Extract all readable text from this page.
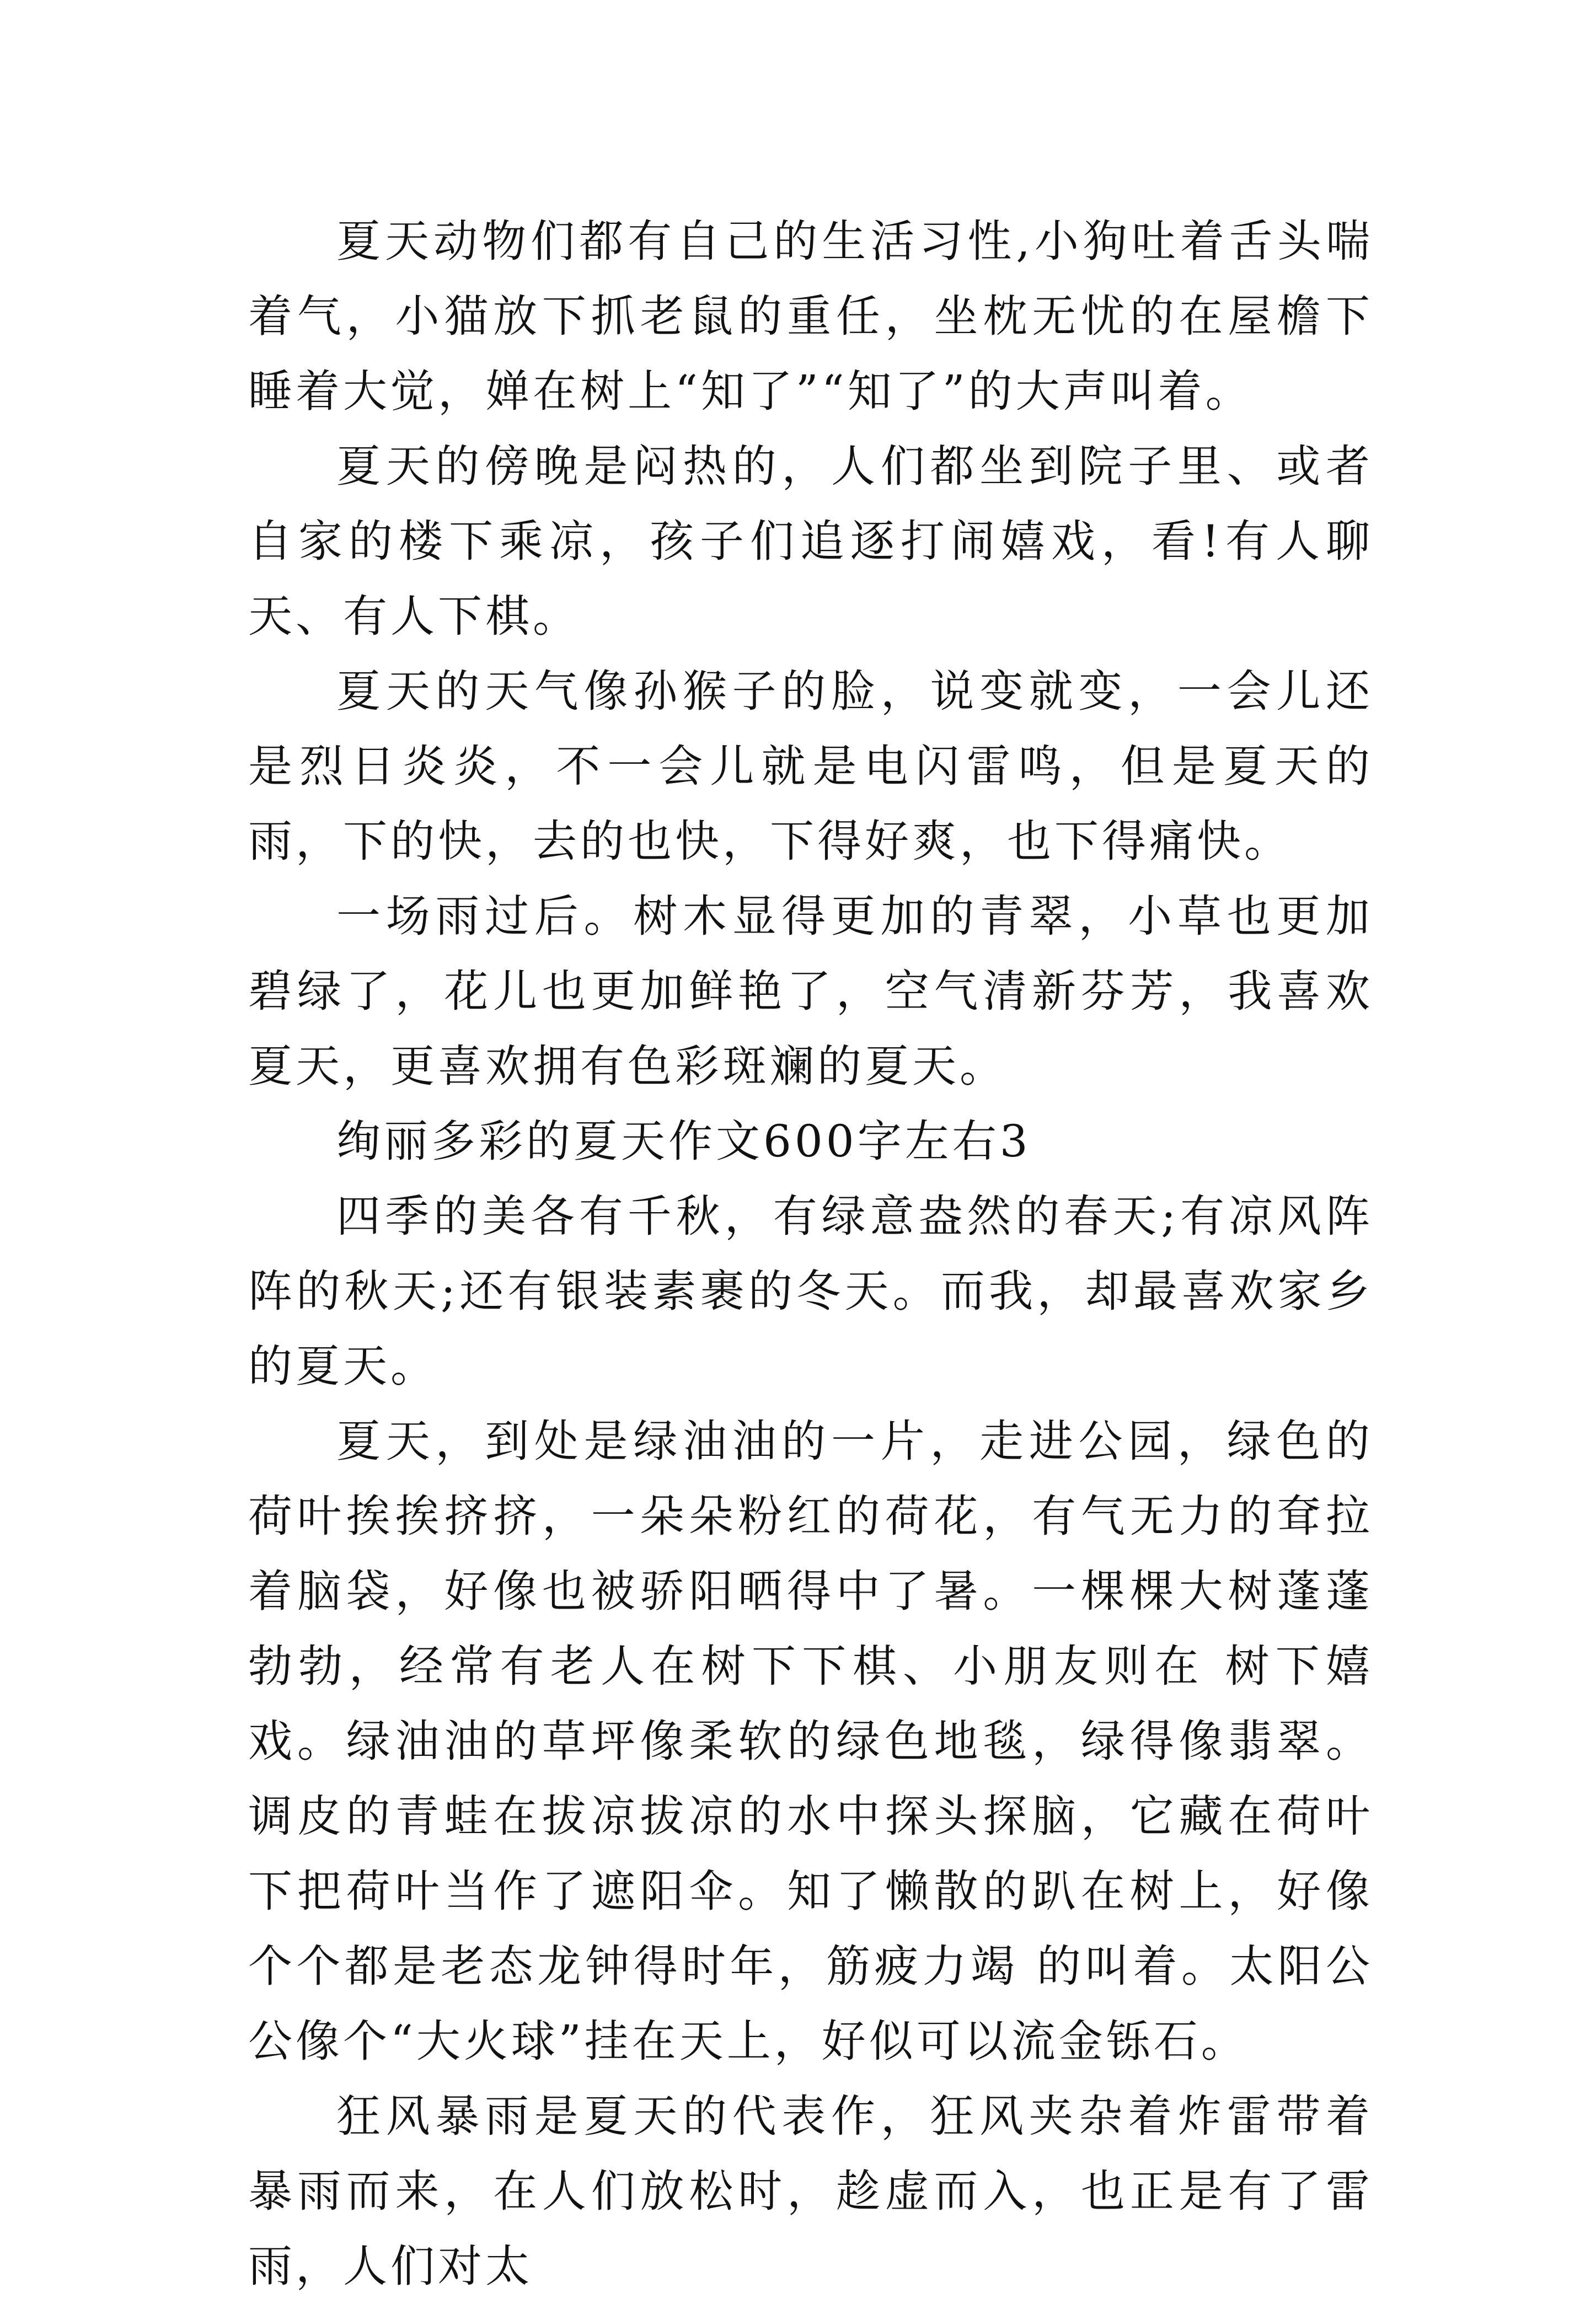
夏天动物们都有自己的生活习性,小狗吐着舌头喘着气，小猫放下抓老鼠的重任，坐枕无忧的在屋檐下睡着大觉，婵在树上“知了”“知了”的大声叫着。

夏天的傍晚是闷热的，人们都坐到院子里、或者自家的楼下乘凉，孩子们追逐打闹嬉戏，看!有人聊天、有人下棋。

夏天的天气像孙猴子的脸，说变就变，一会儿还是烈日炎炎，不一会儿就是电闪雷鸣，但是夏天的雨，下的快，去的也快，下得好爽，也下得痛快。

一场雨过后。树木显得更加的青翠，小草也更加碧绿了，花儿也更加鲜艳了，空气清新芬芳，我喜欢夏天，更喜欢拥有色彩斑斓的夏天。

绚丽多彩的夏天作文600字左右3

四季的美各有千秋，有绿意盎然的春天;有凉风阵阵的秋天;还有银装素裹的冬天。而我，却最喜欢家乡的夏天。

夏天，到处是绿油油的一片，走进公园，绿色的荷叶挨挨挤挤，一朵朵粉红的荷花，有气无力的耷拉着脑袋，好像也被骄阳晒得中了暑。一棵棵大树蓬蓬勃勃，经常有老人在树下下棋、小朋友则在 树下嬉戏。绿油油的草坪像柔软的绿色地毯，绿得像翡翠。调皮的青蛙在拔凉拔凉的水中探头探脑，它藏在荷叶下把荷叶当作了遮阳伞。知了懒散的趴在树上，好像个个都是老态龙钟得时年，筋疲力竭 的叫着。太阳公公像个“大火球”挂在天上，好似可以流金铄石。

狂风暴雨是夏天的代表作，狂风夹杂着炸雷带着暴雨而来，在人们放松时，趁虚而入，也正是有了雷雨，人们对太
